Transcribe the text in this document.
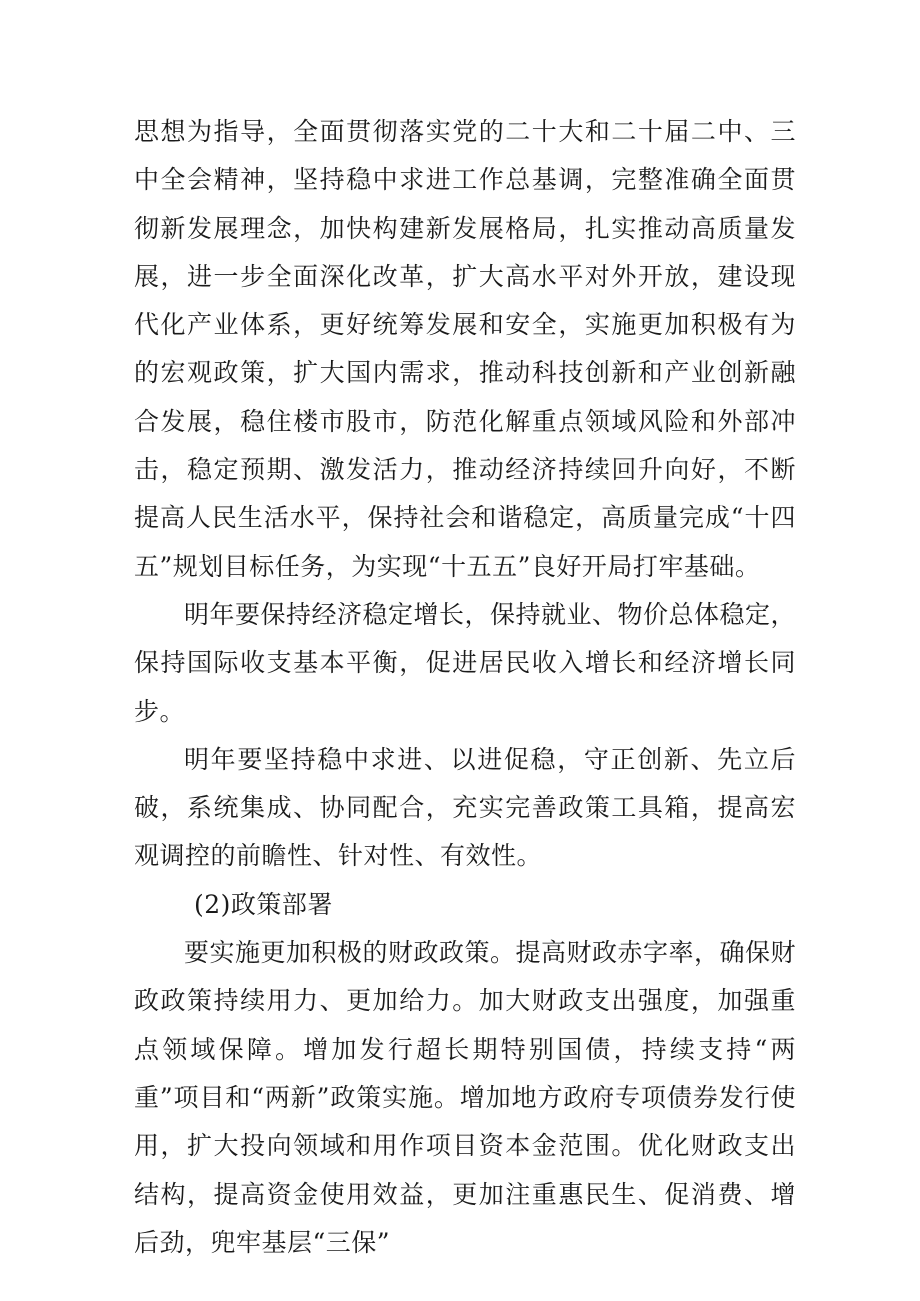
思想为指导，全面贯彻落实党的二十大和二十届二中、三中全会精神，坚持稳中求进工作总基调，完整准确全面贯彻新发展理念，加快构建新发展格局，扎实推动高质量发展，进一步全面深化改革，扩大高水平对外开放，建设现代化产业体系，更好统筹发展和安全，实施更加积极有为的宏观政策，扩大国内需求，推动科技创新和产业创新融合发展，稳住楼市股市，防范化解重点领域风险和外部冲击，稳定预期、激发活力，推动经济持续回升向好，不断提高人民生活水平，保持社会和谐稳定，高质量完成“十四五”规划目标任务，为实现“十五五”良好开局打牢基础。

明年要保持经济稳定增长，保持就业、物价总体稳定，保持国际收支基本平衡，促进居民收入增长和经济增长同步。

明年要坚持稳中求进、以进促稳，守正创新、先立后破，系统集成、协同配合，充实完善政策工具箱，提高宏观调控的前瞻性、针对性、有效性。

(2)政策部署

要实施更加积极的财政政策。提高财政赤字率，确保财政政策持续用力、更加给力。加大财政支出强度，加强重点领域保障。增加发行超长期特别国债，持续支持“两重”项目和“两新”政策实施。增加地方政府专项债券发行使用，扩大投向领域和用作项目资本金范围。优化财政支出结构，提高资金使用效益，更加注重惠民生、促消费、增后劲，兜牢基层“三保”
